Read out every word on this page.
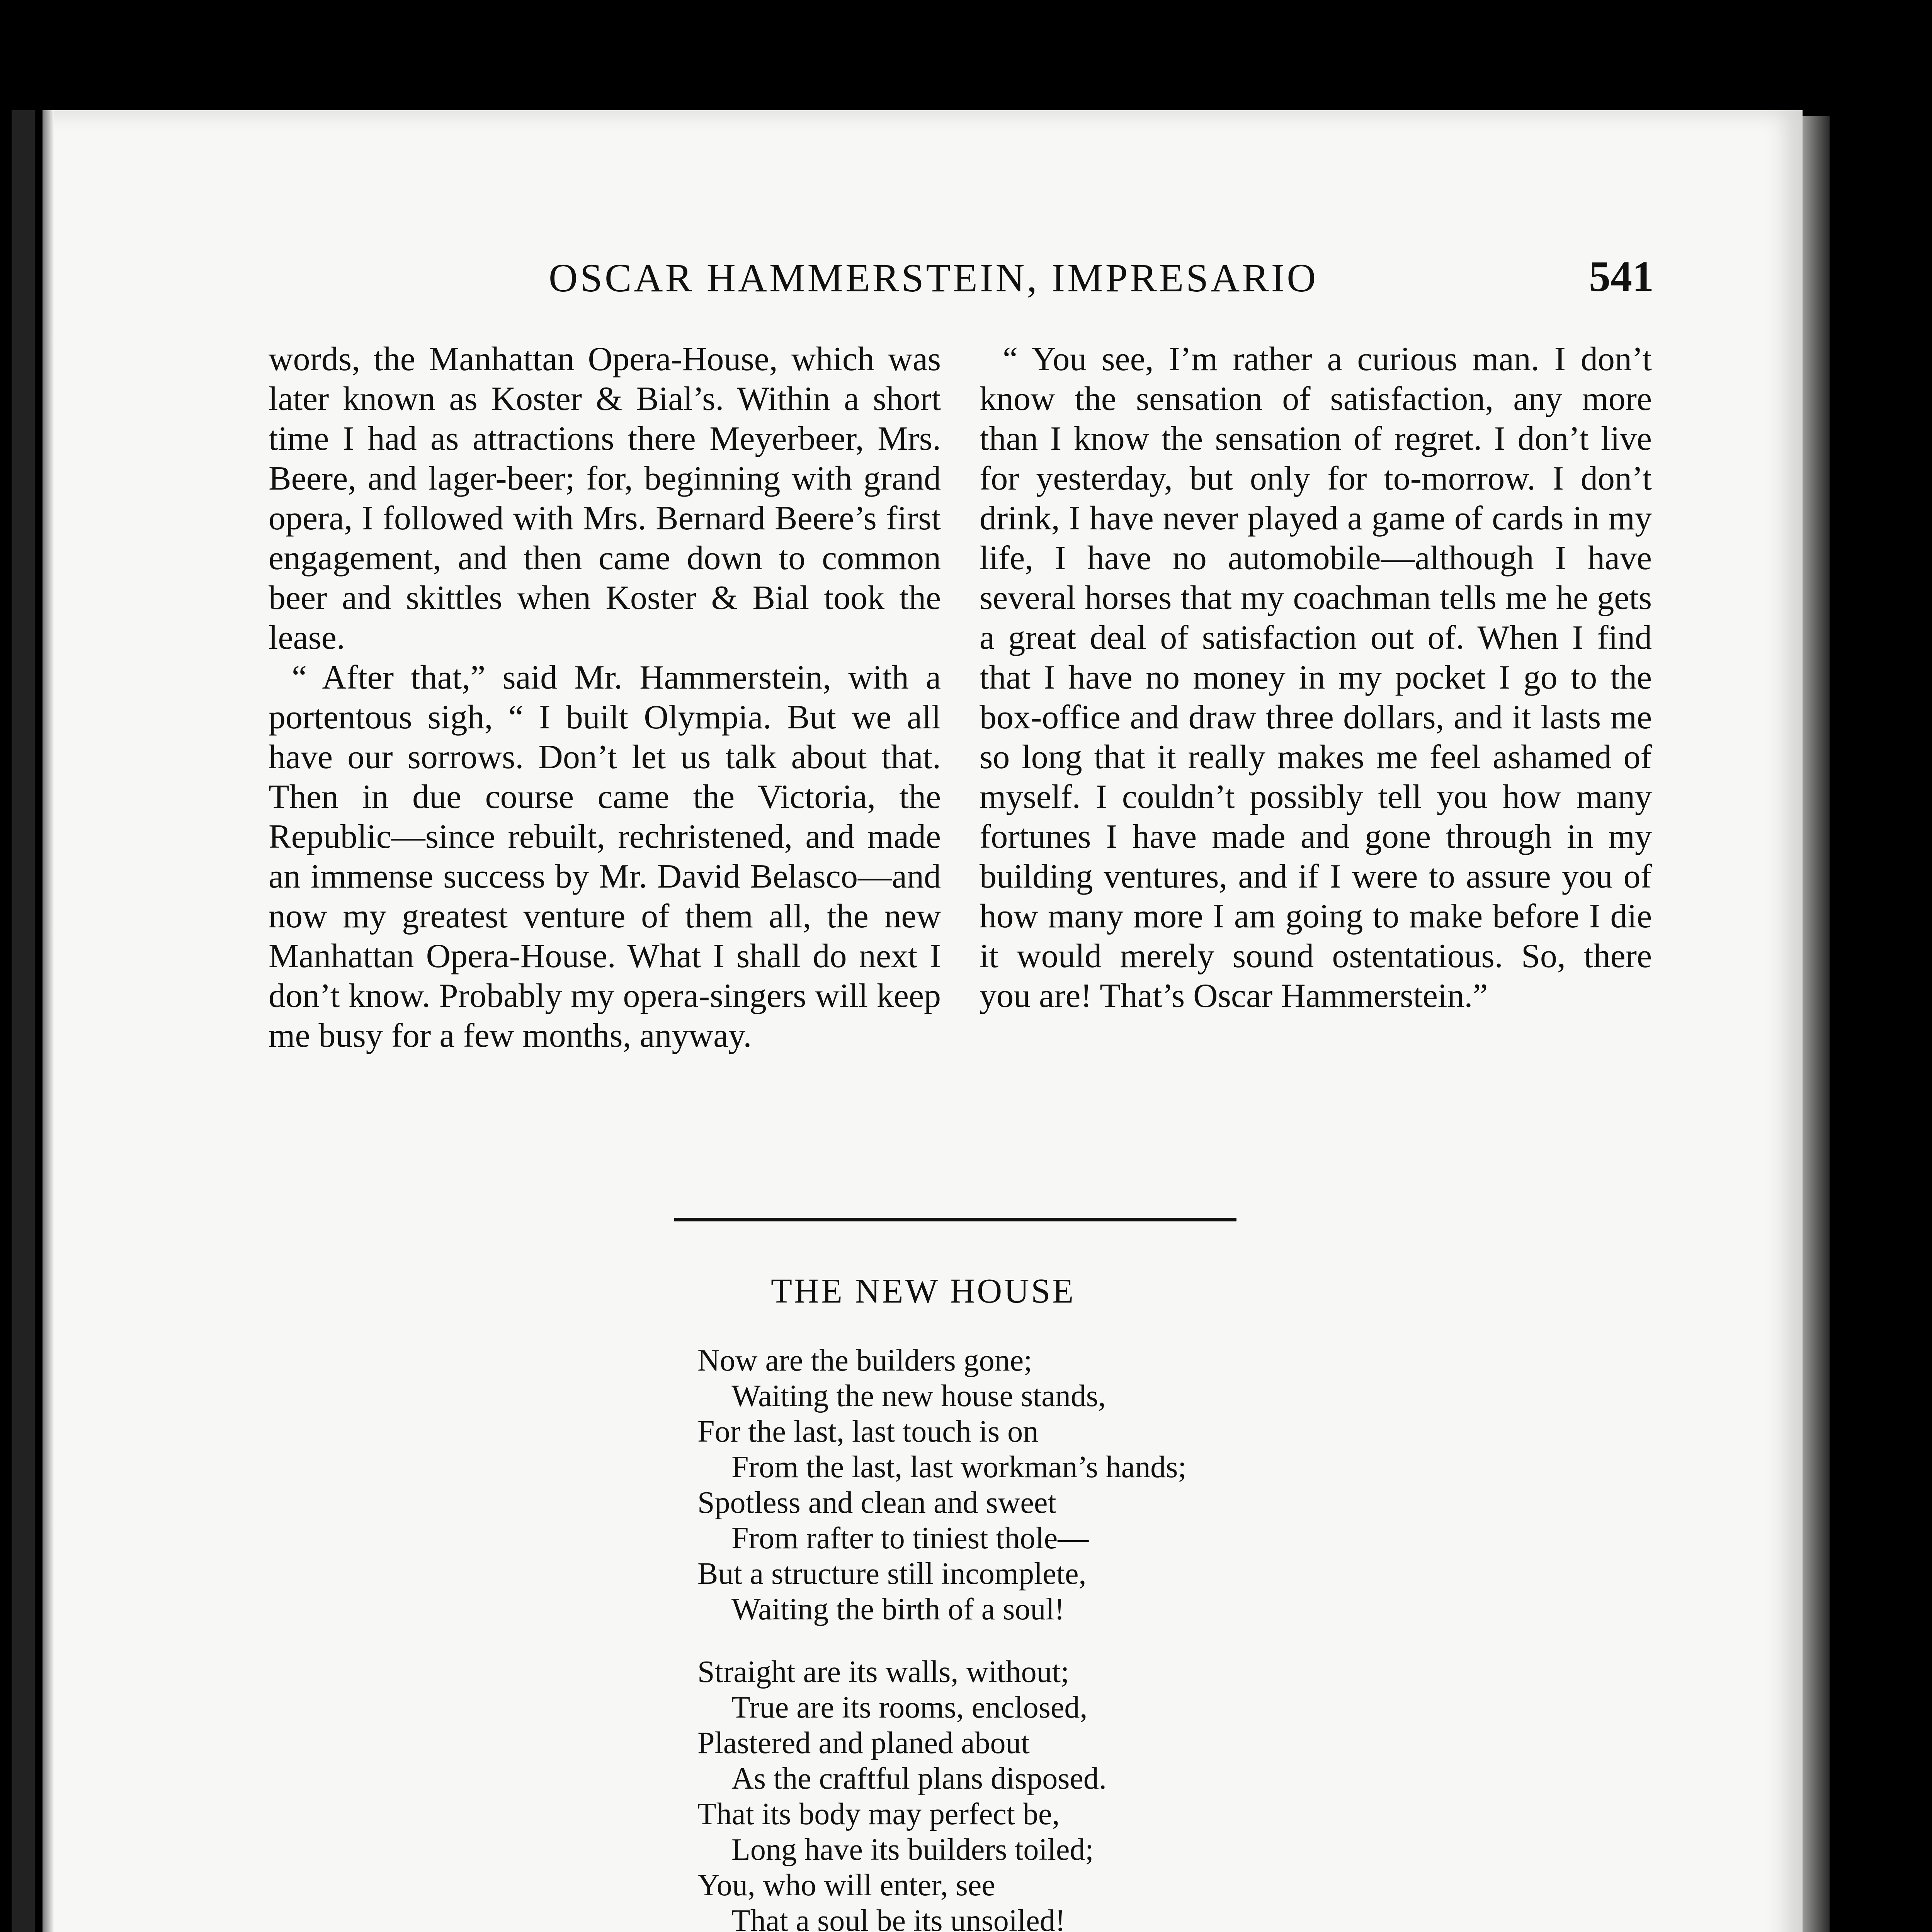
OSCAR HAMMERSTEIN, IMPRESARIO	541

words, the Manhattan Opera-House, which was later known as Koster & Bial’s. Within a short time I had as attractions there Meyerbeer, Mrs. Beere, and lager-beer; for, beginning with grand opera, I followed with Mrs. Bernard Beere’s first engagement, and then came down to common beer and skittles when Koster & Bial took the lease.

“ After that,” said Mr. Hammerstein, with a portentous sigh, “ I built Olympia. But we all have our sorrows. Don’t let us talk about that. Then in due course came the Victoria, the Republic—since rebuilt, rechristened, and made an immense success by Mr. David Belasco—and now my greatest venture of them all, the new Manhattan Opera-House. What I shall do next I don’t know. Probably my opera-singers will keep me busy for a few months, anyway.

“ You see, I’m rather a curious man. I don’t know the sensation of satisfaction, any more than I know the sensation of regret. I don’t live for yesterday, but only for to-morrow. I don’t drink, I have never played a game of cards in my life, I have no automobile—although I have several horses that my coachman tells me he gets a great deal of satisfaction out of. When I find that I have no money in my pocket I go to the box-office and draw three dollars, and it lasts me so long that it really makes me feel ashamed of myself. I couldn’t possibly tell you how many fortunes I have made and gone through in my building ventures, and if I were to assure you of how many more I am going to make before I die it would merely sound ostentatious. So, there you are! That’s Oscar Hammerstein.”

THE NEW HOUSE
Now are the builders gone;
Waiting the new house stands,
For the last, last touch is on
From the last, last workman’s hands;
Spotless and clean and sweet
From rafter to tiniest thole—
But a structure still incomplete,
Waiting the birth of a soul!
Straight are its walls, without;
True are its rooms, enclosed,
Plastered and planed about
As the craftful plans disposed.
That its body may perfect be,
Long have its builders toiled;
You, who will enter, see
That a soul be its unsoiled!
